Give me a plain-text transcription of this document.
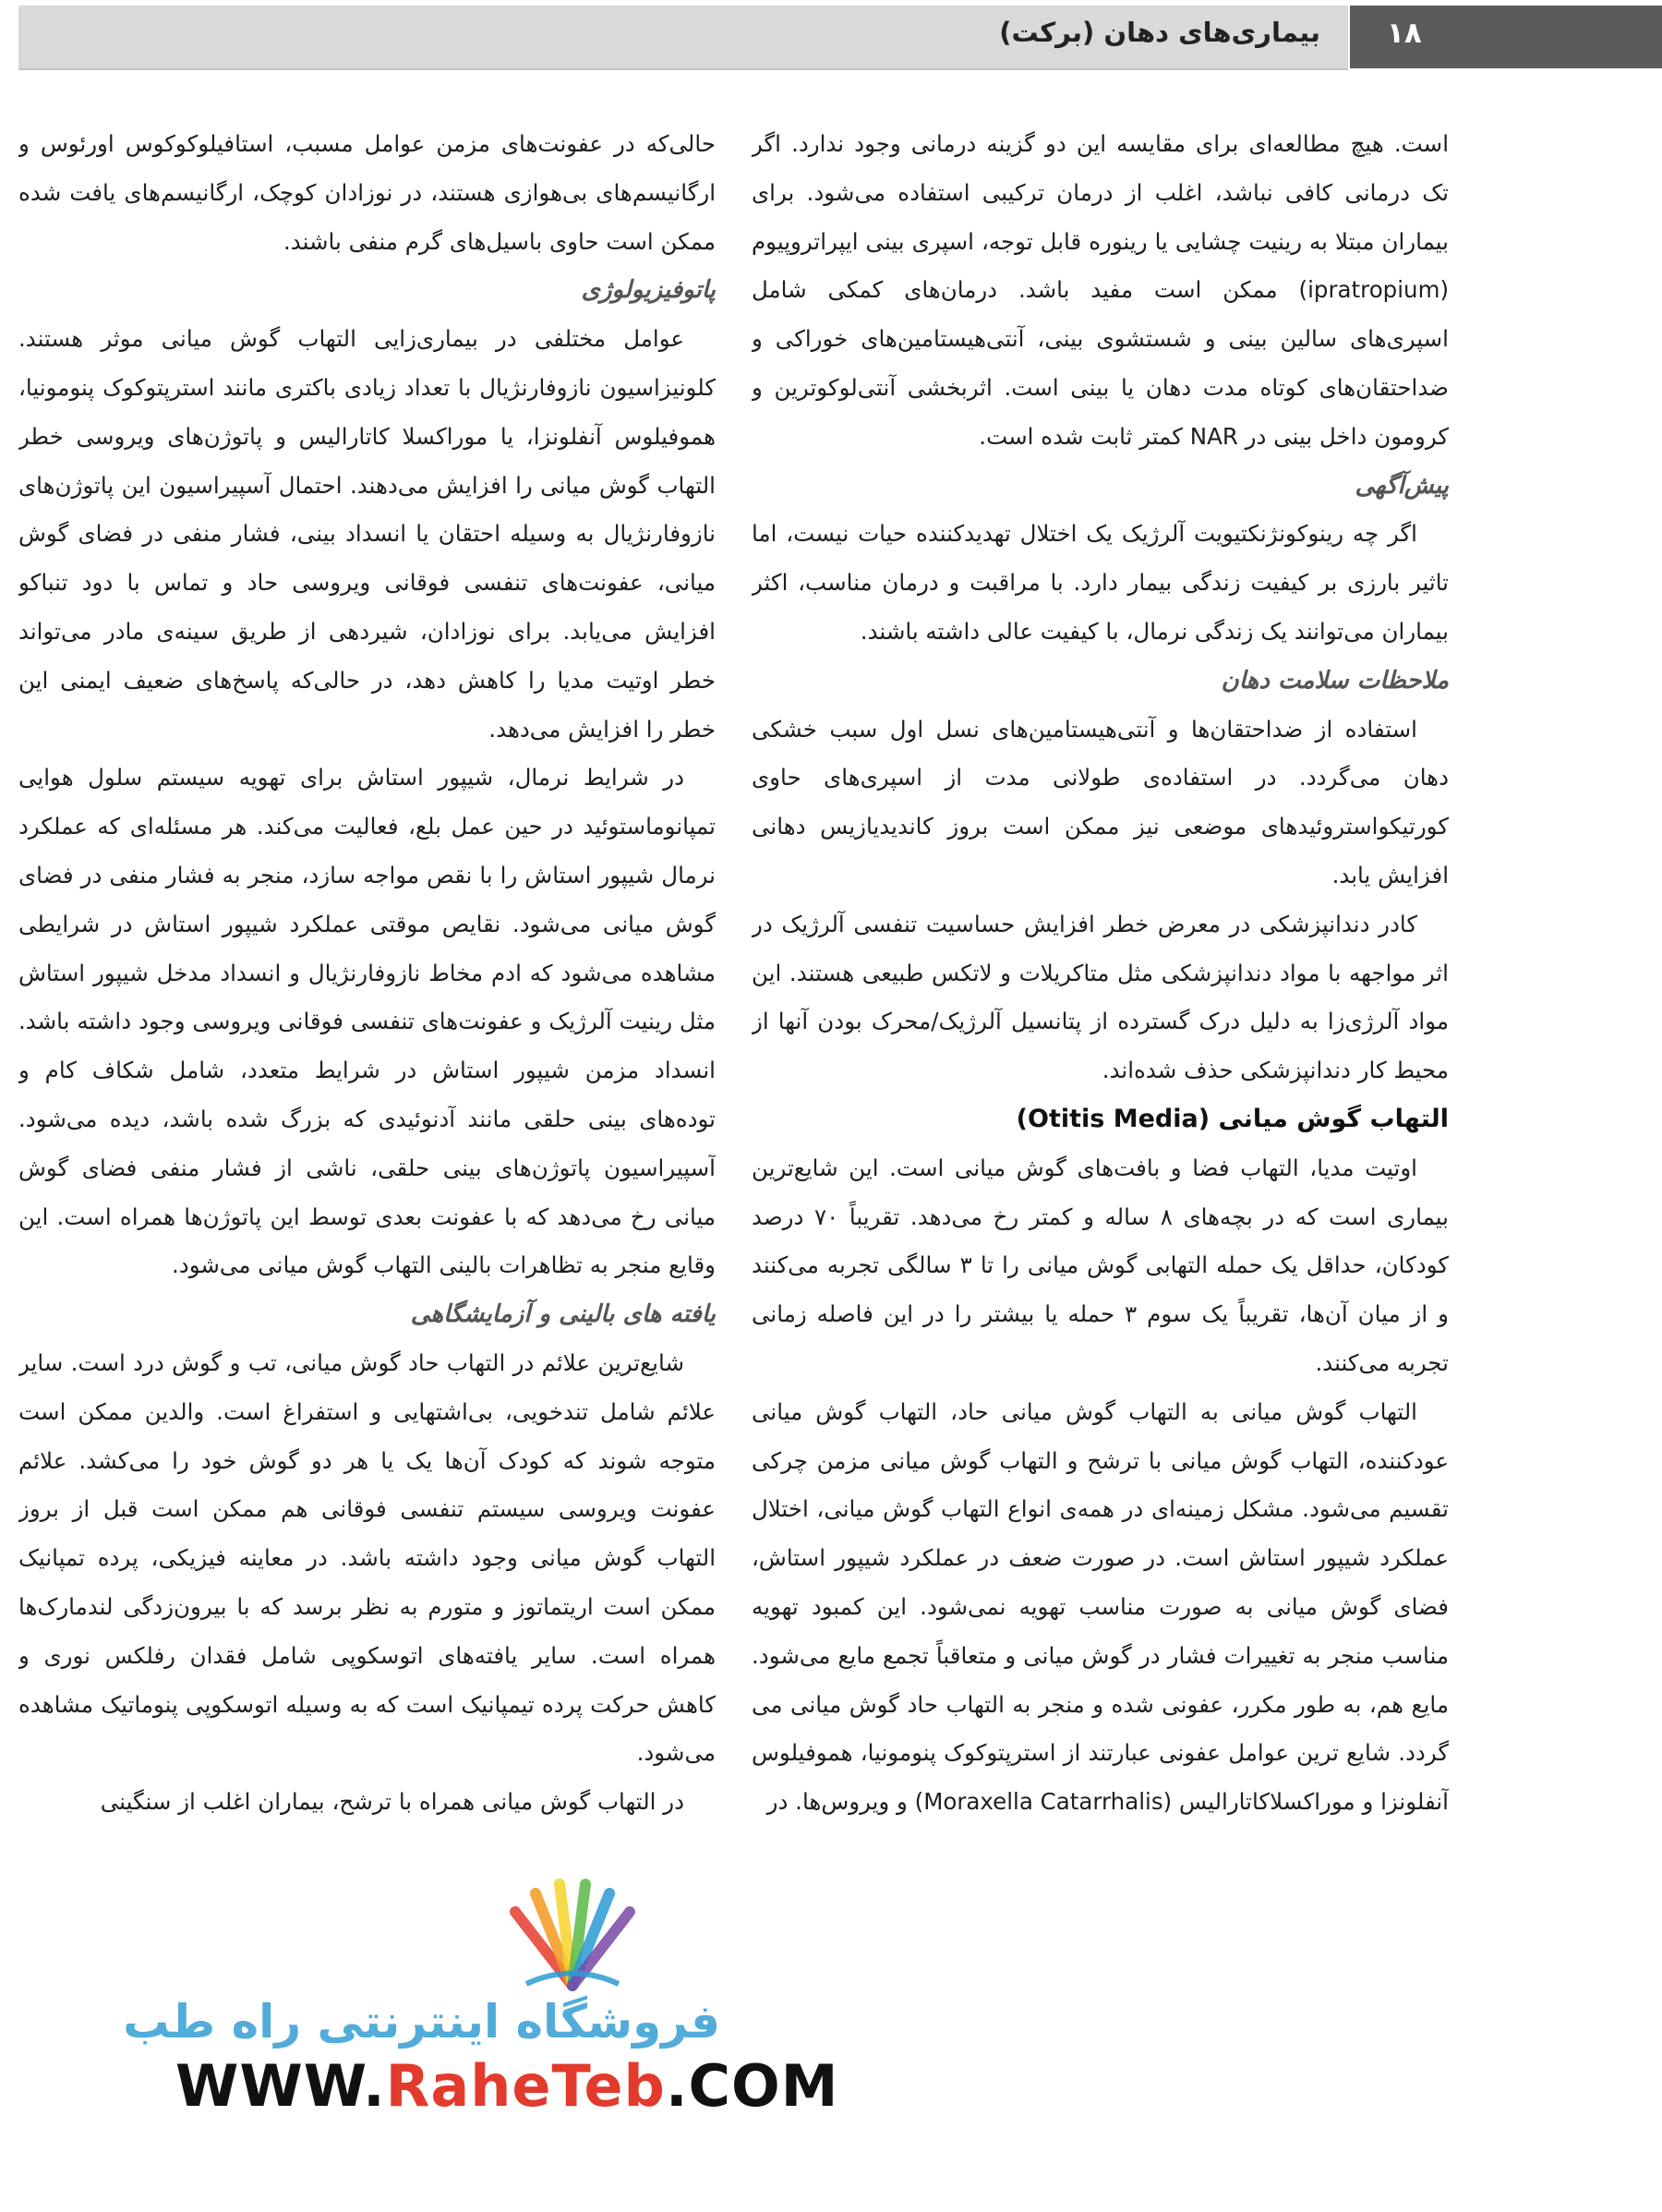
بیماری‌های دهان (برکت) ۱۸

است. هیچ مطالعه‌ای برای مقایسه این دو گزینه درمانی وجود ندارد. اگر تک درمانی کافی نباشد، اغلب از درمان ترکیبی استفاده می‌شود. برای بیماران مبتلا به رینیت چشایی یا رینوره قابل توجه، اسپری بینی ایپراتروپیوم (ipratropium) ممکن است مفید باشد. درمان‌های کمکی شامل اسپری‌های سالین بینی و شستشوی بینی، آنتی‌هیستامین‌های خوراکی و ضداحتقان‌های کوتاه مدت دهان یا بینی است. اثربخشی آنتی‌لوکوترین و کرومون داخل بینی در NAR کمتر ثابت شده است.

پیش‌آگهی

اگر چه رینوکونژنکتیویت آلرژیک یک اختلال تهدیدکننده حیات نیست، اما تاثیر بارزی بر کیفیت زندگی بیمار دارد. با مراقبت و درمان مناسب، اکثر بیماران می‌توانند یک زندگی نرمال، با کیفیت عالی داشته باشند.

ملاحظات سلامت دهان

استفاده از ضداحتقان‌ها و آنتی‌هیستامین‌های نسل اول سبب خشکی دهان می‌گردد. در استفاده‌ی طولانی مدت از اسپری‌های حاوی کورتیکواستروئیدهای موضعی نیز ممکن است بروز کاندیدیازیس دهانی افزایش یابد.

کادر دندانپزشکی در معرض خطر افزایش حساسیت تنفسی آلرژیک در اثر مواجهه با مواد دندانپزشکی مثل متاکریلات و لاتکس طبیعی هستند. این مواد آلرژی‌زا به دلیل درک گسترده از پتانسیل آلرژیک/محرک بودن آنها از محیط کار دندانپزشکی حذف شده‌اند.

التهاب گوش میانی (Otitis Media)

اوتیت مدیا، التهاب فضا و بافت‌های گوش میانی است. این شایع‌ترین بیماری است که در بچه‌های ۸ ساله و کمتر رخ می‌دهد. تقریباً ۷۰ درصد کودکان، حداقل یک حمله التهابی گوش میانی را تا ۳ سالگی تجربه می‌کنند و از میان آن‌ها، تقریباً یک سوم ۳ حمله یا بیشتر را در این فاصله زمانی تجربه می‌کنند.

التهاب گوش میانی به التهاب گوش میانی حاد، التهاب گوش میانی عودکننده، التهاب گوش میانی با ترشح و التهاب گوش میانی مزمن چرکی تقسیم می‌شود. مشکل زمینه‌ای در همه‌ی انواع التهاب گوش میانی، اختلال عملکرد شیپور استاش است. در صورت ضعف در عملکرد شیپور استاش، فضای گوش میانی به صورت مناسب تهویه نمی‌شود. این کمبود تهویه مناسب منجر به تغییرات فشار در گوش میانی و متعاقباً تجمع مایع می‌شود. مایع هم، به طور مکرر، عفونی شده و منجر به التهاب حاد گوش میانی می گردد. شایع ترین عوامل عفونی عبارتند از استرپتوکوک پنومونیا، هموفیلوس آنفلونزا و موراکسلاکاتارالیس (Moraxella Catarrhalis) و ویروس‌ها. در

حالی‌که در عفونت‌های مزمن عوامل مسبب، استافیلوکوکوس اورئوس و ارگانیسم‌های بی‌هوازی هستند، در نوزادان کوچک، ارگانیسم‌های یافت شده ممکن است حاوی باسیل‌های گرم منفی باشند.

پاتوفیزیولوژی

عوامل مختلفی در بیماری‌زایی التهاب گوش میانی موثر هستند. کلونیزاسیون نازوفارنژیال با تعداد زیادی باکتری مانند استرپتوکوک پنومونیا، هموفیلوس آنفلونزا، یا موراکسلا کاتارالیس و پاتوژن‌های ویروسی خطر التهاب گوش میانی را افزایش می‌دهند. احتمال آسپیراسیون این پاتوژن‌های نازوفارنژیال به وسیله احتقان یا انسداد بینی، فشار منفی در فضای گوش میانی، عفونت‌های تنفسی فوقانی ویروسی حاد و تماس با دود تنباکو افزایش می‌یابد. برای نوزادان، شیردهی از طریق سینه‌ی مادر می‌تواند خطر اوتیت مدیا را کاهش دهد، در حالی‌که پاسخ‌های ضعیف ایمنی این خطر را افزایش می‌دهد.

در شرایط نرمال، شیپور استاش برای تهویه سیستم سلول هوایی تمپانوماستوئید در حین عمل بلع، فعالیت می‌کند. هر مسئله‌ای که عملکرد نرمال شیپور استاش را با نقص مواجه سازد، منجر به فشار منفی در فضای گوش میانی می‌شود. نقایص موقتی عملکرد شیپور استاش در شرایطی مشاهده می‌شود که ادم مخاط نازوفارنژیال و انسداد مدخل شیپور استاش مثل رینیت آلرژیک و عفونت‌های تنفسی فوقانی ویروسی وجود داشته باشد. انسداد مزمن شیپور استاش در شرایط متعدد، شامل شکاف کام و توده‌های بینی حلقی مانند آدنوئیدی که بزرگ شده باشد، دیده می‌شود. آسپیراسیون پاتوژن‌های بینی حلقی، ناشی از فشار منفی فضای گوش میانی رخ می‌دهد که با عفونت بعدی توسط این پاتوژن‌ها همراه است. این وقایع منجر به تظاهرات بالینی التهاب گوش میانی می‌شود.

یافته‌ های بالینی و آزمایشگاهی

شایع‌ترین علائم در التهاب حاد گوش میانی، تب و گوش درد است. سایر علائم شامل تندخویی، بی‌اشتهایی و استفراغ است. والدین ممکن است متوجه شوند که کودک آن‌ها یک یا هر دو گوش خود را می‌کشد. علائم عفونت ویروسی سیستم تنفسی فوقانی هم ممکن است قبل از بروز التهاب گوش میانی وجود داشته باشد. در معاینه فیزیکی، پرده تمپانیک ممکن است اریتماتوز و متورم به نظر برسد که با بیرون‌زدگی لندمارک‌ها همراه است. سایر یافته‌های اتوسکوپی شامل فقدان رفلکس نوری و کاهش حرکت پرده تیمپانیک است که به وسیله اتوسکوپی پنوماتیک مشاهده می‌شود.

در التهاب گوش میانی همراه با ترشح، بیماران اغلب از سنگینی

فروشگاه اینترنتی راه طب
WWW.RaheTeb.COM
